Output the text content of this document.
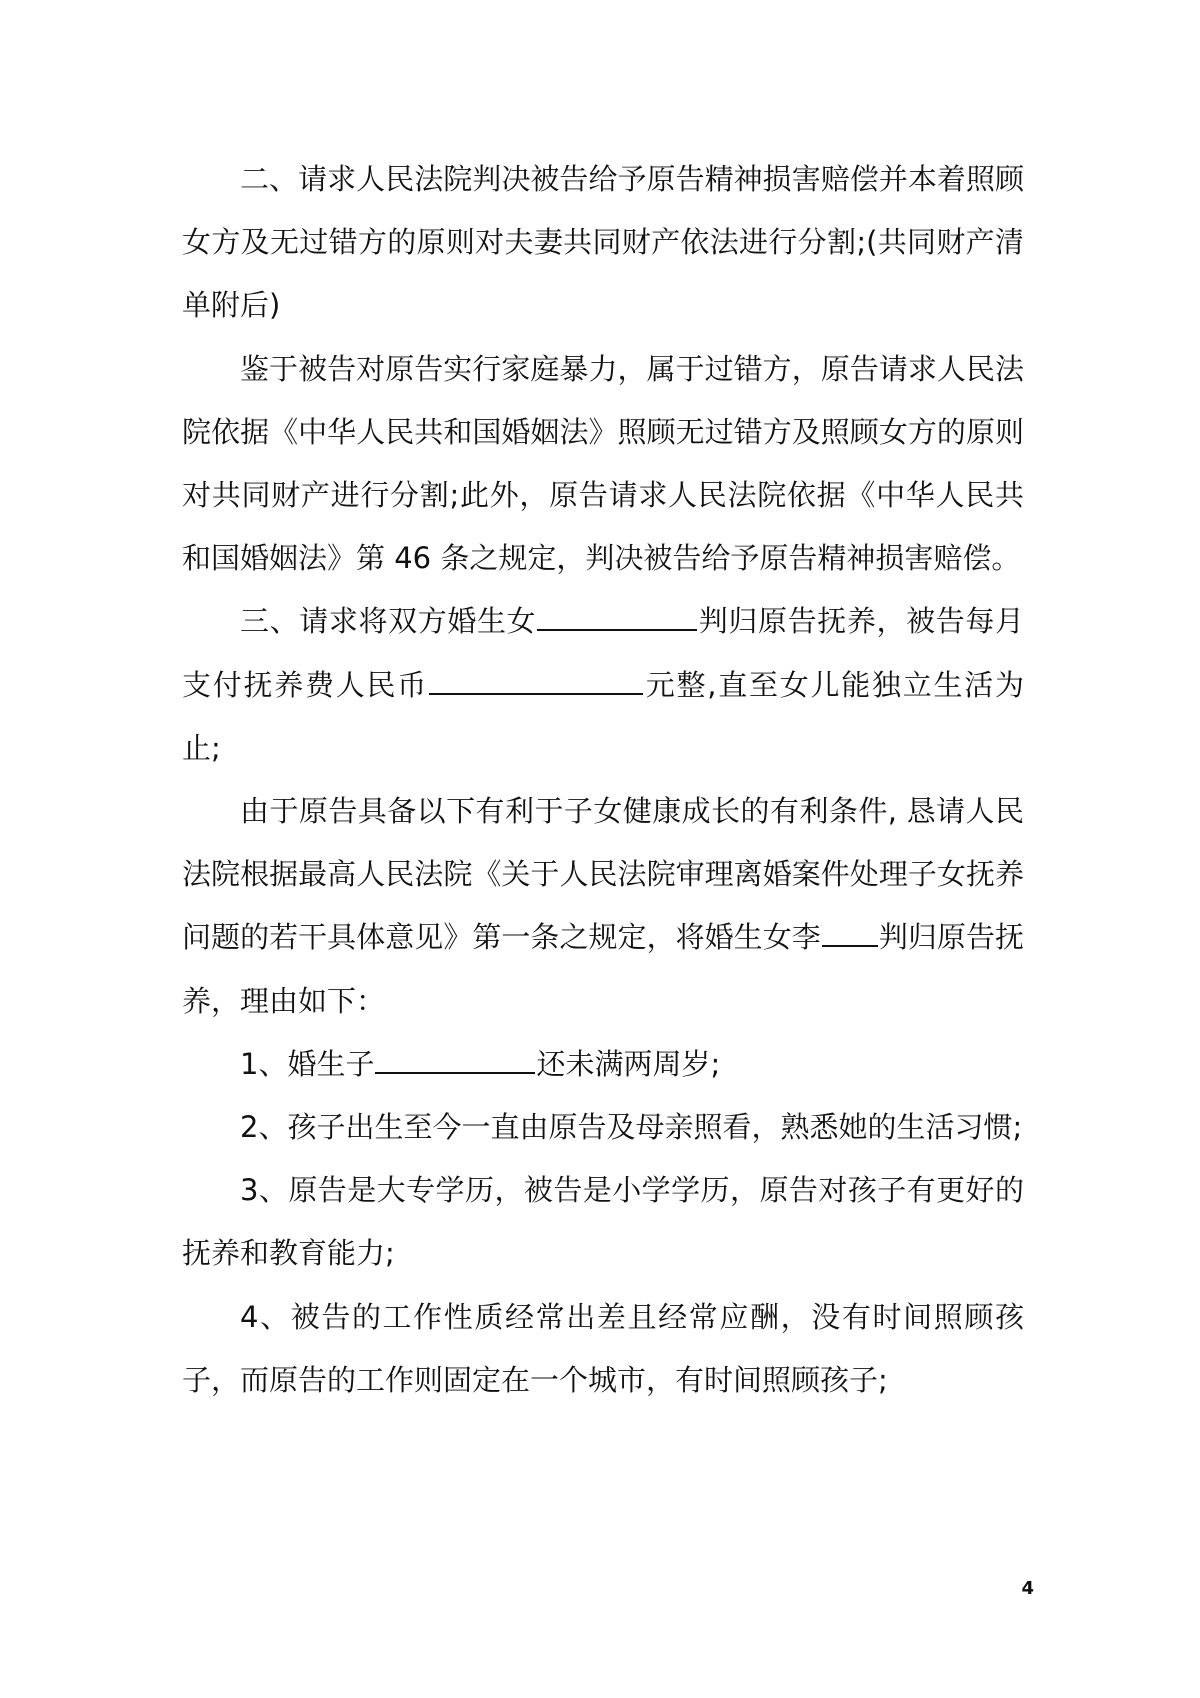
二、请求人民法院判决被告给予原告精神损害赔偿并本着照顾女方及无过错方的原则对夫妻共同财产依法进行分割;(共同财产清单附后)

鉴于被告对原告实行家庭暴力，属于过错方，原告请求人民法院依据《中华人民共和国婚姻法》照顾无过错方及照顾女方的原则对共同财产进行分割;此外，原告请求人民法院依据《中华人民共和国婚姻法》第 46 条之规定，判决被告给予原告精神损害赔偿。

三、请求将双方婚生女	判归原告抚养，被告每月支付抚养费人民币	元整,直至女儿能独立生活为止;

由于原告具备以下有利于子女健康成长的有利条件, 恳请人民法院根据最高人民法院《关于人民法院审理离婚案件处理子女抚养问题的若干具体意见》第一条之规定，将婚生女李 判归原告抚养，理由如下：

1、婚生子	还未满两周岁;

2、孩子出生至今一直由原告及母亲照看，熟悉她的生活习惯;

3、原告是大专学历，被告是小学学历，原告对孩子有更好的抚养和教育能力;

4、被告的工作性质经常出差且经常应酬，没有时间照顾孩子，而原告的工作则固定在一个城市，有时间照顾孩子;

4
